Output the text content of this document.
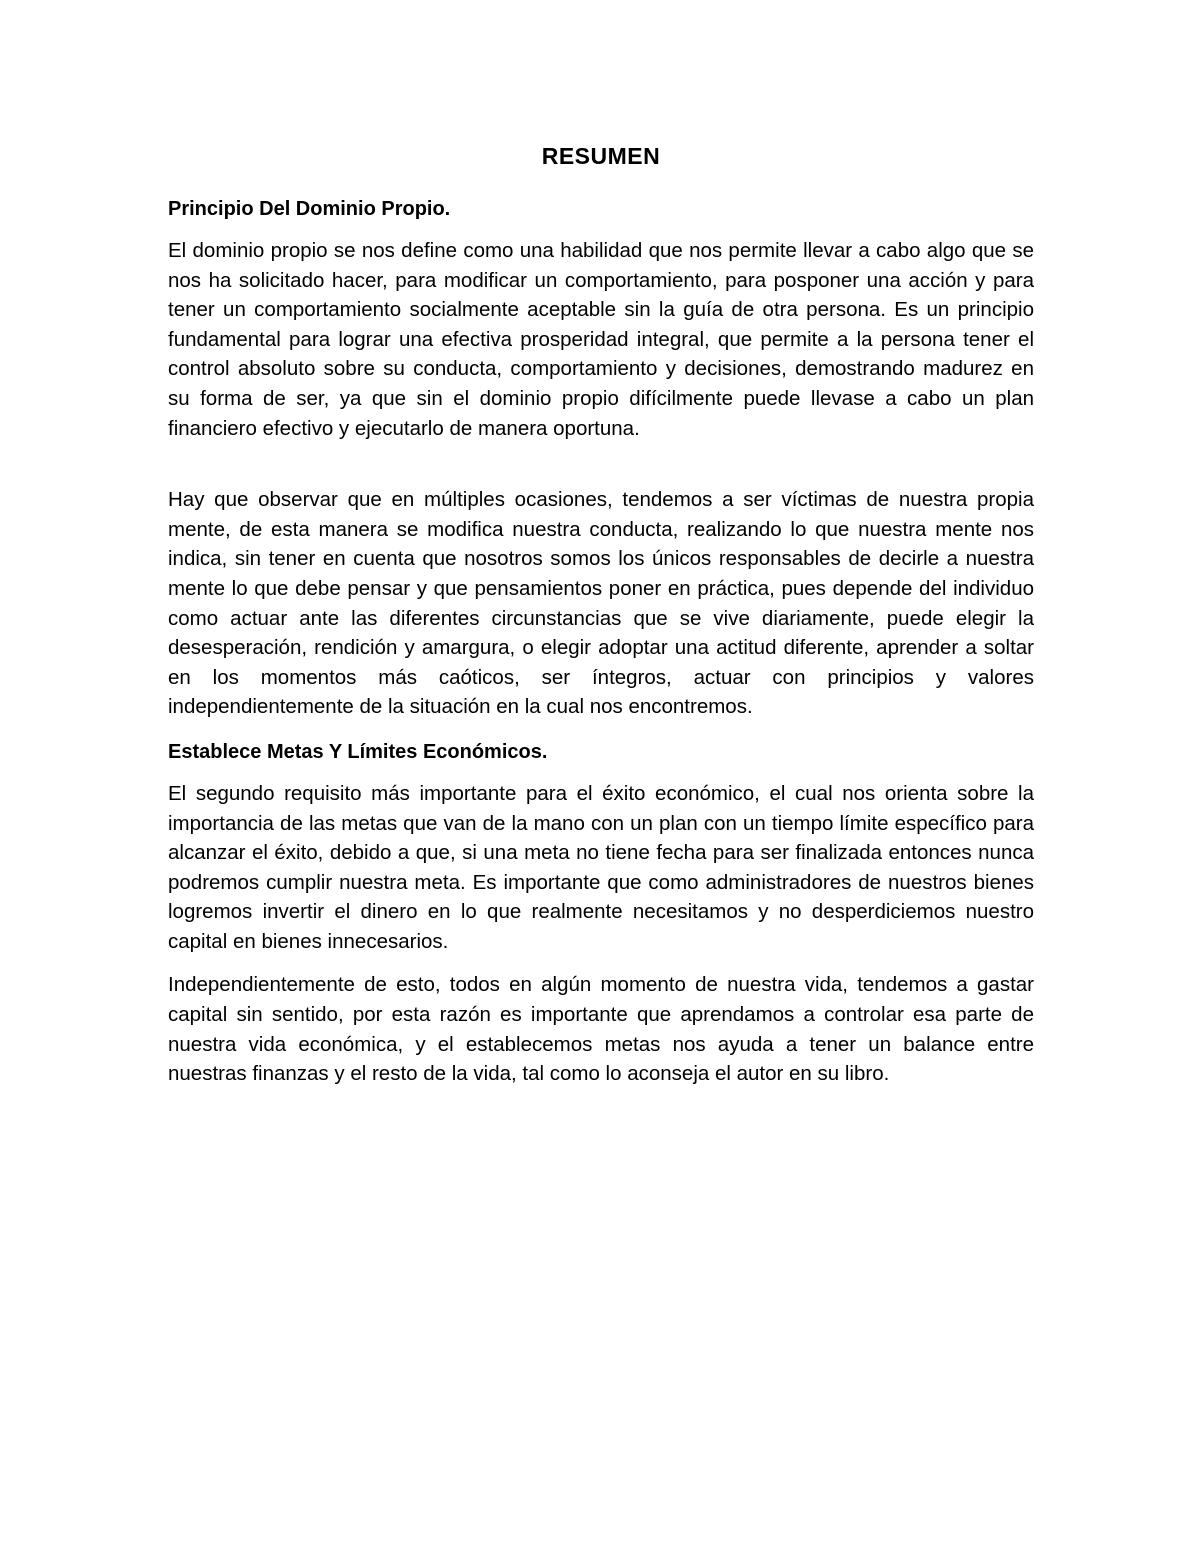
RESUMEN
Principio Del Dominio Propio.

El dominio propio se nos define como una habilidad que nos permite llevar a cabo algo que se nos ha solicitado hacer, para modificar un comportamiento, para posponer una acción y para tener un comportamiento socialmente aceptable sin la guía de otra persona. Es un principio fundamental para lograr una efectiva prosperidad integral, que permite a la persona tener el control absoluto sobre su conducta, comportamiento y decisiones, demostrando madurez en su forma de ser, ya que sin el dominio propio difícilmente puede llevase a cabo un plan financiero efectivo y ejecutarlo de manera oportuna.

Hay que observar que en múltiples ocasiones, tendemos a ser víctimas de nuestra propia mente, de esta manera se modifica nuestra conducta, realizando lo que nuestra mente nos indica, sin tener en cuenta que nosotros somos los únicos responsables de decirle a nuestra mente lo que debe pensar y que pensamientos poner en práctica, pues depende del individuo como actuar ante las diferentes circunstancias que se vive diariamente, puede elegir la desesperación, rendición y amargura, o elegir adoptar una actitud diferente, aprender a soltar en los momentos más caóticos, ser íntegros, actuar con principios y valores independientemente de la situación en la cual nos encontremos.

Establece Metas Y Límites Económicos.

El segundo requisito más importante para el éxito económico, el cual nos orienta sobre la importancia de las metas que van de la mano con un plan con un tiempo límite específico para alcanzar el éxito, debido a que, si una meta no tiene fecha para ser finalizada entonces nunca podremos cumplir nuestra meta. Es importante que como administradores de nuestros bienes logremos invertir el dinero en lo que realmente necesitamos y no desperdiciemos nuestro capital en bienes innecesarios.

Independientemente de esto, todos en algún momento de nuestra vida, tendemos a gastar capital sin sentido, por esta razón es importante que aprendamos a controlar esa parte de nuestra vida económica, y el establecemos metas nos ayuda a tener un balance entre nuestras finanzas y el resto de la vida, tal como lo aconseja el autor en su libro.
